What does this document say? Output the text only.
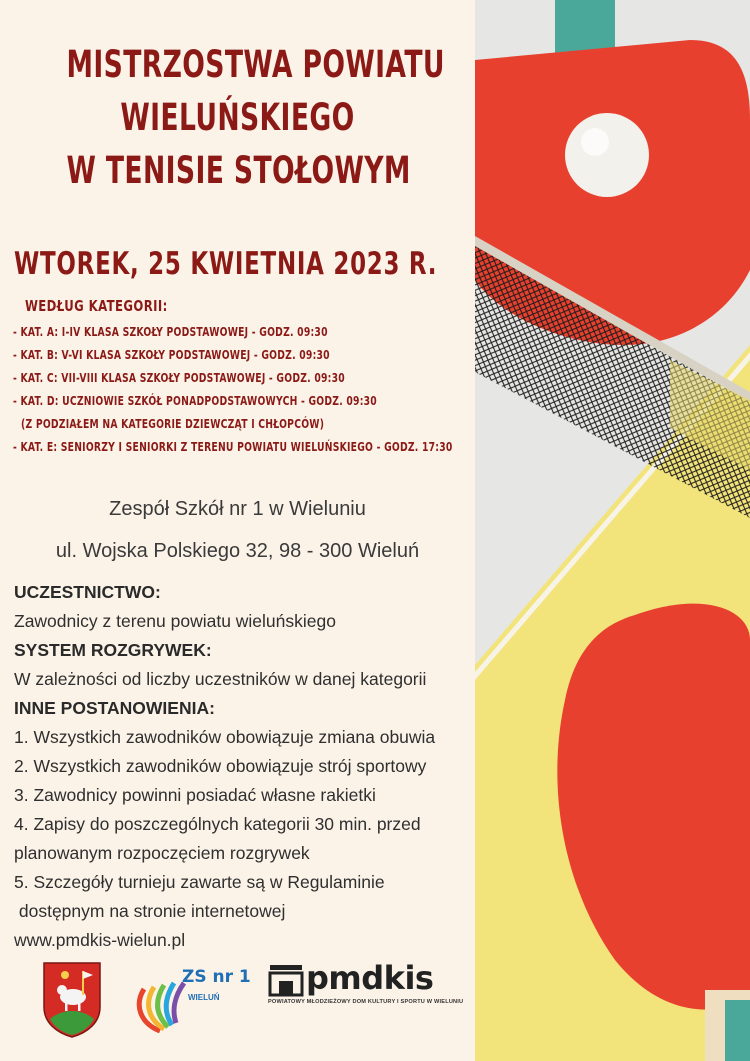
MISTRZOSTWA POWIATU
WIELUŃSKIEGO
W TENISIE STOŁOWYM
WTOREK, 25 KWIETNIA 2023 R.
WEDŁUG KATEGORII:
- KAT. A: I-IV KLASA SZKOŁY PODSTAWOWEJ - GODZ. 09:30
- KAT. B: V-VI KLASA SZKOŁY PODSTAWOWEJ - GODZ. 09:30
- KAT. C: VII-VIII KLASA SZKOŁY PODSTAWOWEJ - GODZ. 09:30
- KAT. D: UCZNIOWIE SZKÓŁ PONADPODSTAWOWYCH - GODZ. 09:30
(Z PODZIAŁEM NA KATEGORIE DZIEWCZĄT I CHŁOPCÓW)
- KAT. E: SENIORZY I SENIORKI Z TERENU POWIATU WIELUŃSKIEGO - GODZ. 17:30
Zespół Szkół nr 1 w Wieluniu
ul. Wojska Polskiego 32, 98 - 300 Wieluń
UCZESTNICTWO:
Zawodnicy z terenu powiatu wieluńskiego
SYSTEM ROZGRYWEK:
W zależności od liczby uczestników w danej kategorii
INNE POSTANOWIENIA:
1. Wszystkich zawodników obowiązuje zmiana obuwia
2. Wszystkich zawodników obowiązuje strój sportowy
3. Zawodnicy powinni posiadać własne rakietki
4. Zapisy do poszczególnych kategorii 30 min. przed
planowanym rozpoczęciem rozgrywek
5. Szczegóły turnieju zawarte są w Regulaminie
dostępnym na stronie internetowej
www.pmdkis-wielun.pl
ZS nr 1
WIELUŃ
pmdkis
POWIATOWY MŁODZIEŻOWY DOM KULTURY I SPORTU W WIELUNIU
